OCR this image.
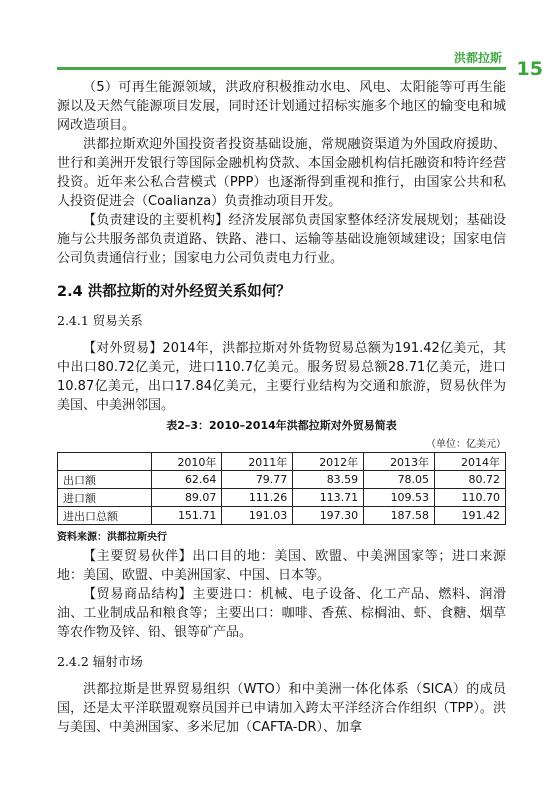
洪都拉斯 15

（5）可再生能源领域，洪政府积极推动水电、风电、太阳能等可再生能源以及天然气能源项目发展，同时还计划通过招标实施多个地区的输变电和城网改造项目。

洪都拉斯欢迎外国投资者投资基础设施，常规融资渠道为外国政府援助、世行和美洲开发银行等国际金融机构贷款、本国金融机构信托融资和特许经营投资。近年来公私合营模式（PPP）也逐渐得到重视和推行，由国家公共和私人投资促进会（Coalianza）负责推动项目开发。

【负责建设的主要机构】经济发展部负责国家整体经济发展规划；基础设施与公共服务部负责道路、铁路、港口、运输等基础设施领域建设；国家电信公司负责通信行业；国家电力公司负责电力行业。

2.4 洪都拉斯的对外经贸关系如何？
2.4.1 贸易关系

【对外贸易】2014年，洪都拉斯对外货物贸易总额为191.42亿美元，其中出口80.72亿美元，进口110.7亿美元。服务贸易总额28.71亿美元，进口10.87亿美元，出口17.84亿美元，主要行业结构为交通和旅游，贸易伙伴为美国、中美洲邻国。

表2–3：2010–2014年洪都拉斯对外贸易简表
（单位：亿美元）
	2010年	2011年	2012年	2013年	2014年
出口额	62.64	79.77	83.59	78.05	80.72
进口额	89.07	111.26	113.71	109.53	110.70
进出口总额	151.71	191.03	197.30	187.58	191.42
资料来源：洪都拉斯央行

【主要贸易伙伴】出口目的地：美国、欧盟、中美洲国家等；进口来源地：美国、欧盟、中美洲国家、中国、日本等。

【贸易商品结构】主要进口：机械、电子设备、化工产品、燃料、润滑油、工业制成品和粮食等；主要出口：咖啡、香蕉、棕榈油、虾、食糖、烟草等农作物及锌、铅、银等矿产品。

2.4.2 辐射市场

洪都拉斯是世界贸易组织（WTO）和中美洲一体化体系（SICA）的成员国，还是太平洋联盟观察员国并已申请加入跨太平洋经济合作组织（TPP）。洪与美国、中美洲国家、多米尼加（CAFTA-DR）、加拿
